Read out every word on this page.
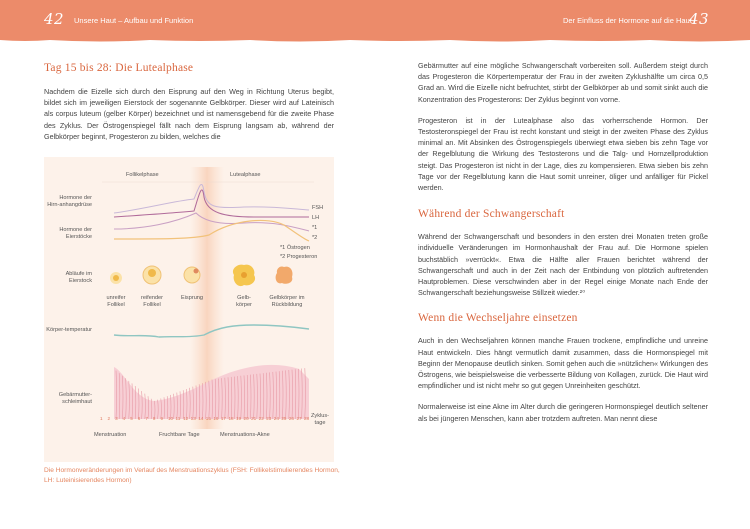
42 Unsere Haut – Aufbau und Funktion	Der Einfluss der Hormone auf die Haut
43
Tag 15 bis 28: Die Lutealphase

Nachdem die Eizelle sich durch den Eisprung auf den Weg in Richtung Uterus begibt, bildet sich im jeweiligen Eierstock der sogenannte Gelbkörper. Dieser wird auf Lateinisch als corpus luteum (gelber Körper) bezeichnet und ist namensgebend für die zweite Phase des Zyklus. Der Östrogenspiegel fällt nach dem Eisprung langsam ab, während der Gelbkörper beginnt, Progesteron zu bilden, welches die

Follikelphase	Lutealphase
Hormone der Hirn-anhangdrüse
Hormone der Eierstöcke
Abläufe im Eierstock
Körper-temperatur
Gebärmutter-schleimhaut
FSH
LH
*1
*2
*1 Östrogen
*2 Progesteron
unreifer Follikel
reifender Follikel
Eisprung	Gelb-körper
Gelbkörper im Rückbildung
1 2 3 4 5 6 7 8 9 10 11 12 13 14 15 16 17 18 19 20 21 22 23 24 25 26 27 28 Zyklus-tage
Menstruation	Fruchtbare Tage	Menstruations-Akne
Die Hormonveränderungen im Verlauf des Menstruationszyklus (FSH: Follikelstimulierendes Hormon, LH: Luteinisierendes Hormon)

Gebärmutter auf eine mögliche Schwangerschaft vorbereiten soll. Außerdem steigt durch das Progesteron die Körpertemperatur der Frau in der zweiten Zyklushälfte um circa 0,5 Grad an. Wird die Eizelle nicht befruchtet, stirbt der Gelbkörper ab und somit sinkt auch die Konzentration des Progesterons: Der Zyklus beginnt von vorne.

Progesteron ist in der Lutealphase also das vorherrschende Hormon. Der Testosteronspiegel der Frau ist recht konstant und steigt in der zweiten Phase des Zyklus minimal an. Mit Absinken des Östrogenspiegels überwiegt etwa sieben bis zehn Tage vor der Regelblutung die Wirkung des Testosterons und die Talg- und Hornzellproduktion steigt. Das Progesteron ist nicht in der Lage, dies zu kompensieren. Etwa sieben bis zehn Tage vor der Regelblutung kann die Haut somit unreiner, öliger und anfälliger für Pickel werden.

Während der Schwangerschaft

Während der Schwangerschaft und besonders in den ersten drei Monaten treten große individuelle Veränderungen im Hormonhaushalt der Frau auf. Die Hormone spielen buchstäblich »verrückt«. Etwa die Hälfte aller Frauen berichtet während der Schwangerschaft und auch in der Zeit nach der Entbindung von plötzlich auftretenden Hautproblemen. Diese verschwinden aber in der Regel einige Monate nach Ende der Schwangerschaft beziehungsweise Stillzeit wieder.²⁰

Wenn die Wechseljahre einsetzen

Auch in den Wechseljahren können manche Frauen trockene, empfindliche und unreine Haut entwickeln. Dies hängt vermutlich damit zusammen, dass die Hormonspiegel mit Beginn der Menopause deutlich sinken. Somit gehen auch die »nützlichen« Wirkungen des Östrogens, wie beispielsweise die verbesserte Bildung von Kollagen, zurück. Die Haut wird empfindlicher und ist nicht mehr so gut gegen Unreinheiten geschützt.

Normalerweise ist eine Akne im Alter durch die geringeren Hormonspiegel deutlich seltener als bei jüngeren Menschen, kann aber trotzdem auftreten. Man nennt diese
